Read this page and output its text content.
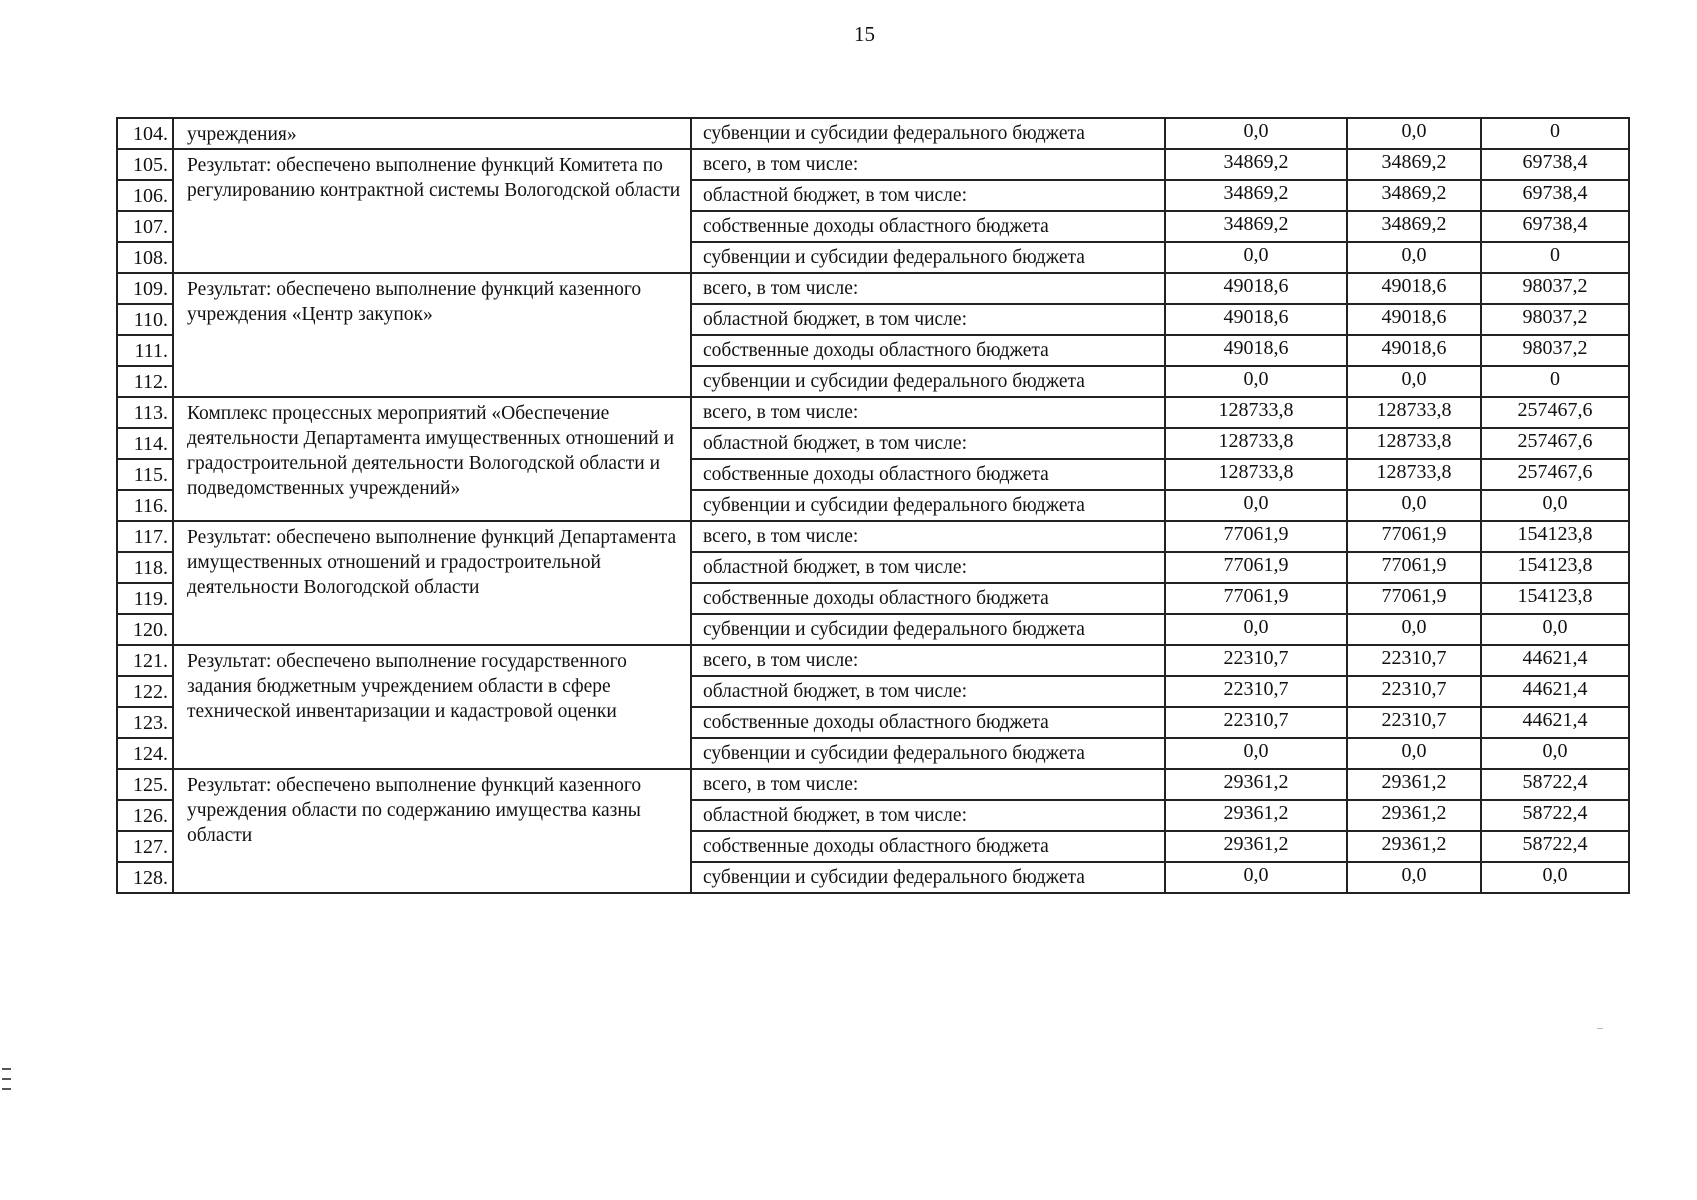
15
104.	учреждения»	субвенции и субсидии федерального бюджета	0,0	0,0	0
105.	Результат: обеспечено выполнение функций Комитета по регулированию контрактной системы Вологодской области	всего, в том числе:	34869,2	34869,2	69738,4
106.		областной бюджет, в том числе:	34869,2	34869,2	69738,4
107.		собственные доходы областного бюджета	34869,2	34869,2	69738,4
108.		субвенции и субсидии федерального бюджета	0,0	0,0	0
109.	Результат: обеспечено выполнение функций казенного учреждения «Центр закупок»	всего, в том числе:	49018,6	49018,6	98037,2
110.		областной бюджет, в том числе:	49018,6	49018,6	98037,2
111.		собственные доходы областного бюджета	49018,6	49018,6	98037,2
112.		субвенции и субсидии федерального бюджета	0,0	0,0	0
113.	Комплекс процессных мероприятий «Обеспечение деятельности Департамента имущественных отношений и градостроительной деятельности Вологодской области и подведомственных учреждений»	всего, в том числе:	128733,8	128733,8	257467,6
114.		областной бюджет, в том числе:	128733,8	128733,8	257467,6
115.		собственные доходы областного бюджета	128733,8	128733,8	257467,6
116.		субвенции и субсидии федерального бюджета	0,0	0,0	0,0
117.	Результат: обеспечено выполнение функций Департамента имущественных отношений и градостроительной деятельности Вологодской области	всего, в том числе:	77061,9	77061,9	154123,8
118.		областной бюджет, в том числе:	77061,9	77061,9	154123,8
119.		собственные доходы областного бюджета	77061,9	77061,9	154123,8
120.		субвенции и субсидии федерального бюджета	0,0	0,0	0,0
121.	Результат: обеспечено выполнение государственного задания бюджетным учреждением области в сфере технической инвентаризации и кадастровой оценки	всего, в том числе:	22310,7	22310,7	44621,4
122.		областной бюджет, в том числе:	22310,7	22310,7	44621,4
123.		собственные доходы областного бюджета	22310,7	22310,7	44621,4
124.		субвенции и субсидии федерального бюджета	0,0	0,0	0,0
125.	Результат: обеспечено выполнение функций казенного учреждения области по содержанию имущества казны области	всего, в том числе:	29361,2	29361,2	58722,4
126.		областной бюджет, в том числе:	29361,2	29361,2	58722,4
127.		собственные доходы областного бюджета	29361,2	29361,2	58722,4
128.		субвенции и субсидии федерального бюджета	0,0	0,0	0,0
